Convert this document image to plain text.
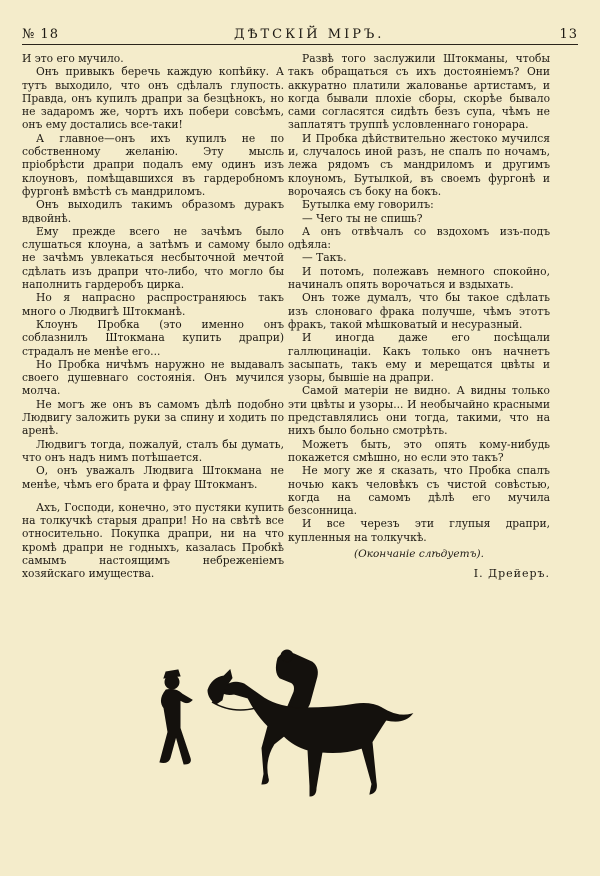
№ 18	ДѢТСКІЙ МІРЪ.	13

И это его мучило.

Онъ привыкъ беречь каждую копѣйку. А тутъ выходило, что онъ сдѣлалъ глупость. Правда, онъ купилъ драпри за безцѣнокъ, но не задаромъ же, чортъ ихъ побери совсѣмъ, онъ ему достались все-таки!

А главное—онъ ихъ купилъ не по собственному желанію. Эту мысль пріобрѣсти драпри подалъ ему одинъ изъ клоуновъ, помѣщавшихся въ гардеробномъ фургонѣ вмѣстѣ съ мандриломъ.

Онъ выходилъ такимъ образомъ дуракъ вдвойнѣ.

Ему прежде всего не зачѣмъ было слушаться клоуна, а затѣмъ и самому было не зачѣмъ увлекаться несбыточной мечтой сдѣлать изъ драпри что-либо, что могло бы наполнить гардеробъ цирка.

Но я напрасно распространяюсь такъ много о Людвигѣ Штокманѣ.

Клоунъ Пробка (это именно онъ соблазнилъ Штокмана купить драпри) страдалъ не менѣе его...

Но Пробка ничѣмъ наружно не выдавалъ своего душевнаго состоянія. Онъ мучился молча.

Не могъ же онъ въ самомъ дѣлѣ подобно Людвигу заложить руки за спину и ходить по аренѣ.

Людвигъ тогда, пожалуй, сталъ бы думать, что онъ надъ нимъ потѣшается.

О, онъ уважалъ Людвига Штокмана не менѣе, чѣмъ его брата и фрау Штокманъ.

Ахъ, Господи, конечно, это пустяки купить на толкучкѣ старыя драпри! Но на свѣтѣ все относительно. Покупка драпри, ни на что кромѣ драпри не годныхъ, казалась Пробкѣ самымъ настоящимъ небреженіемъ хозяйскаго имущества.

Развѣ того заслужили Штокманы, чтобы такъ обращаться съ ихъ достояніемъ? Они аккуратно платили жалованье артистамъ, и когда бывали плохіе сборы, скорѣе бывало сами согласятся сидѣть безъ супа, чѣмъ не заплатятъ труппѣ условленнаго гонорара.

И Пробка дѣйствительно жестоко мучился и, случалось иной разъ, не спалъ по ночамъ, лежа рядомъ съ мандриломъ и другимъ клоуномъ, Бутылкой, въ своемъ фургонѣ и ворочаясь съ боку на бокъ.

Бутылка ему говорилъ:

— Чего ты не спишь?

А онъ отвѣчалъ со вздохомъ изъ-подъ одѣяла:

— Такъ.

И потомъ, полежавъ немного спокойно, начиналъ опять ворочаться и вздыхать.

Онъ тоже думалъ, что бы такое сдѣлать изъ слоноваго фрака получше, чѣмъ этотъ фракъ, такой мѣшковатый и несуразный.

И иногда даже его посѣщали галлюцинаціи. Какъ только онъ начнетъ засыпать, такъ ему и мерещатся цвѣты и узоры, бывшіе на драпри.

Самой матеріи не видно. А видны только эти цвѣты и узоры... И необычайно красными представлялись они тогда, такими, что на нихъ было больно смотрѣть.

Можетъ быть, это опять кому-нибудь покажется смѣшно, но если это такъ?

Не могу же я сказать, что Пробка спалъ ночью какъ человѣкъ съ чистой совѣстью, когда на самомъ дѣлѣ его мучила безсонница.

И все черезъ эти глупыя драпри, купленныя на толкучкѣ.

(Окончаніе слѣдуетъ).
І. Дрейеръ.
